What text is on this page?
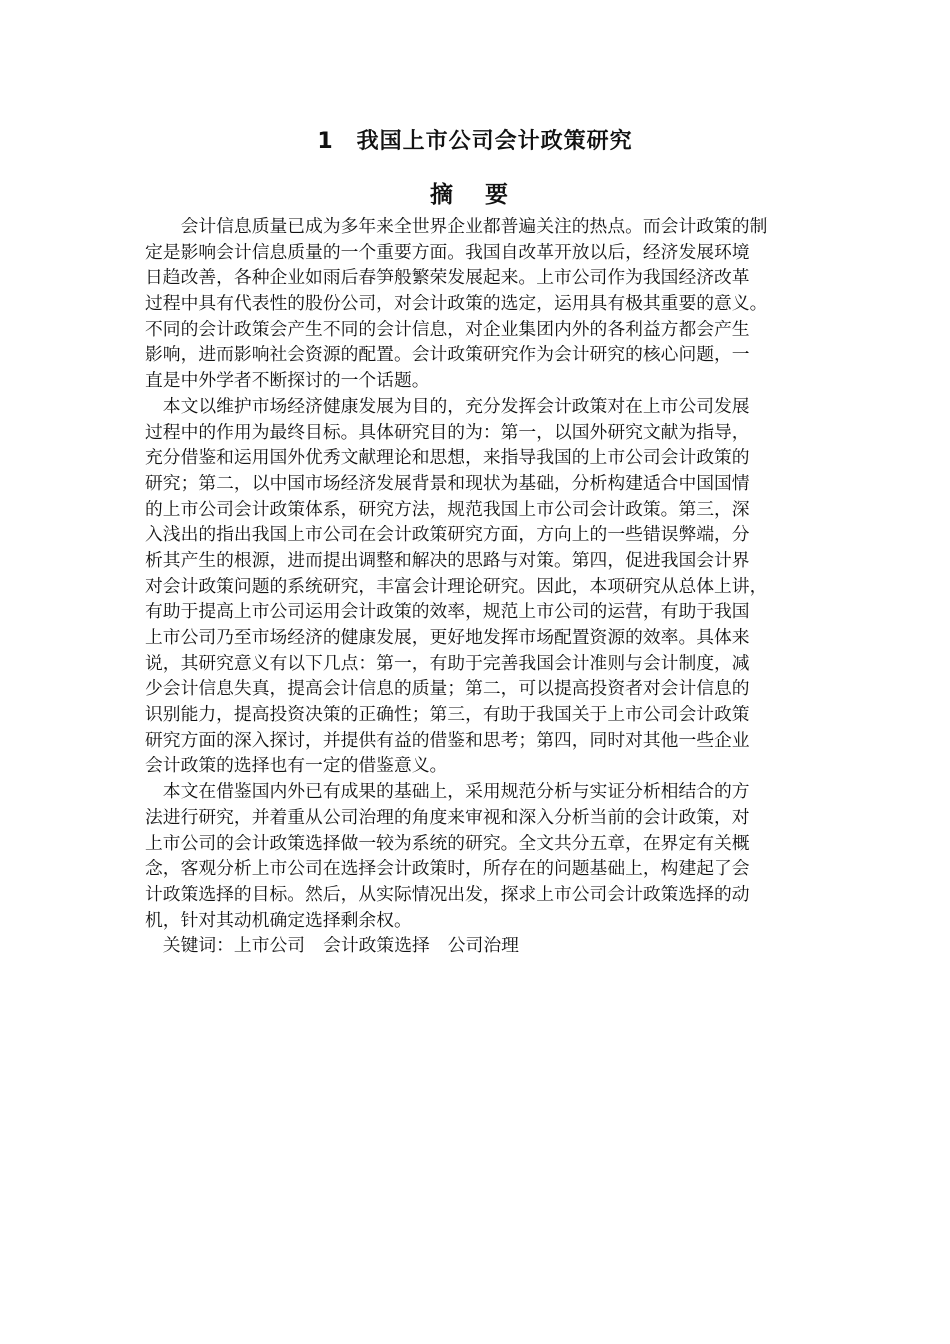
1　我国上市公司会计政策研究
摘 要
　　会计信息质量已成为多年来全世界企业都普遍关注的热点。而会计政策的制
定是影响会计信息质量的一个重要方面。我国自改革开放以后，经济发展环境
日趋改善，各种企业如雨后春笋般繁荣发展起来。上市公司作为我国经济改革
过程中具有代表性的股份公司，对会计政策的选定，运用具有极其重要的意义。
不同的会计政策会产生不同的会计信息，对企业集团内外的各利益方都会产生
影响，进而影响社会资源的配置。会计政策研究作为会计研究的核心问题，一
直是中外学者不断探讨的一个话题。
　本文以维护市场经济健康发展为目的，充分发挥会计政策对在上市公司发展
过程中的作用为最终目标。具体研究目的为：第一，以国外研究文献为指导，
充分借鉴和运用国外优秀文献理论和思想，来指导我国的上市公司会计政策的
研究；第二，以中国市场经济发展背景和现状为基础，分析构建适合中国国情
的上市公司会计政策体系，研究方法，规范我国上市公司会计政策。第三，深
入浅出的指出我国上市公司在会计政策研究方面，方向上的一些错误弊端，分
析其产生的根源，进而提出调整和解决的思路与对策。第四，促进我国会计界
对会计政策问题的系统研究，丰富会计理论研究。因此，本项研究从总体上讲，
有助于提高上市公司运用会计政策的效率，规范上市公司的运营，有助于我国
上市公司乃至市场经济的健康发展，更好地发挥市场配置资源的效率。具体来
说，其研究意义有以下几点：第一，有助于完善我国会计准则与会计制度，减
少会计信息失真，提高会计信息的质量；第二，可以提高投资者对会计信息的
识别能力，提高投资决策的正确性；第三，有助于我国关于上市公司会计政策
研究方面的深入探讨，并提供有益的借鉴和思考；第四，同时对其他一些企业
会计政策的选择也有一定的借鉴意义。
　本文在借鉴国内外已有成果的基础上，采用规范分析与实证分析相结合的方
法进行研究，并着重从公司治理的角度来审视和深入分析当前的会计政策，对
上市公司的会计政策选择做一较为系统的研究。全文共分五章，在界定有关概
念，客观分析上市公司在选择会计政策时，所存在的问题基础上，构建起了会
计政策选择的目标。然后，从实际情况出发，探求上市公司会计政策选择的动
机，针对其动机确定选择剩余权。
　关键词： 上市公司 会计政策选择 公司治理
